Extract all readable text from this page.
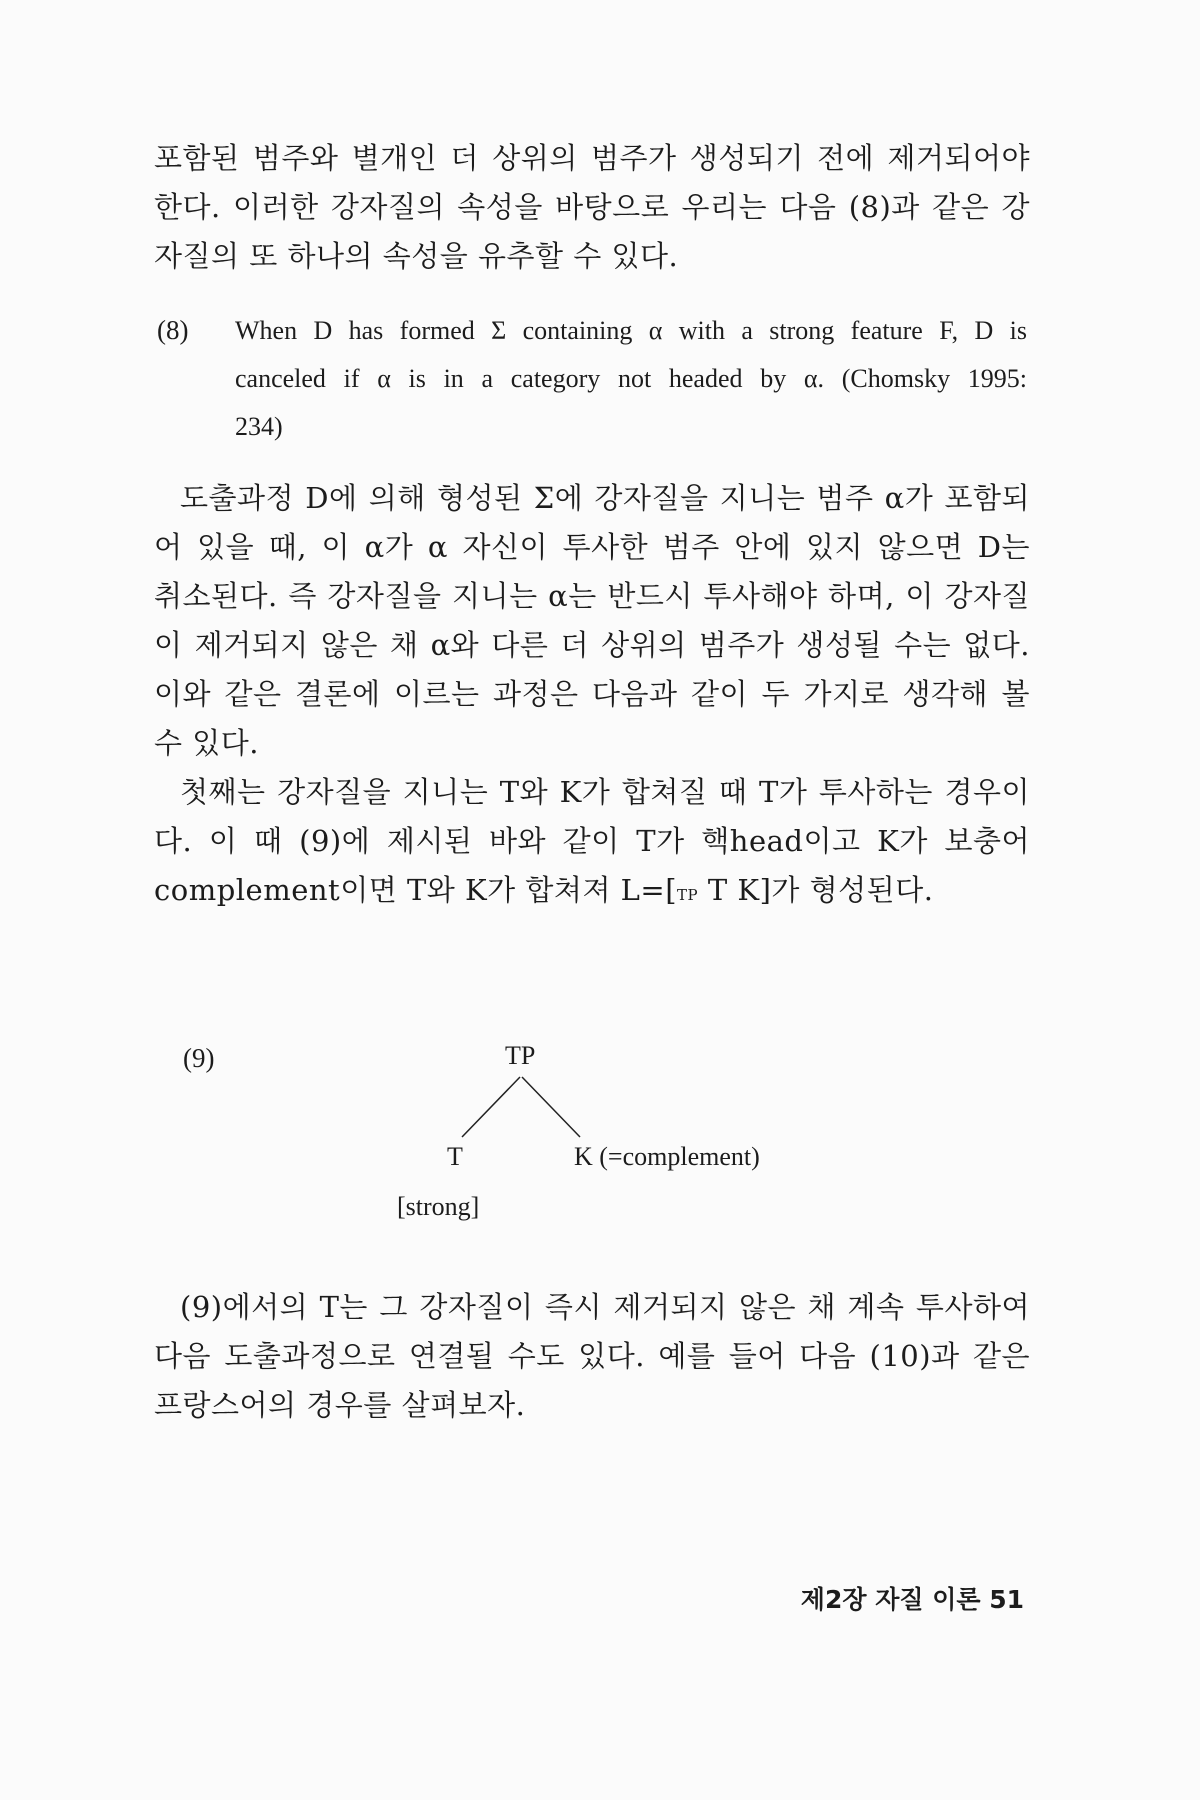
포함된 범주와 별개인 더 상위의 범주가 생성되기 전에 제거되어야
한다. 이러한 강자질의 속성을 바탕으로 우리는 다음 (8)과 같은 강
자질의 또 하나의 속성을 유추할 수 있다.
(8) When D has formed Σ containing α with a strong feature F, D is
canceled if α is in a category not headed by α. (Chomsky 1995:
234)
도출과정 D에 의해 형성된 Σ에 강자질을 지니는 범주 α가 포함되
어 있을 때, 이 α가 α 자신이 투사한 범주 안에 있지 않으면 D는
취소된다. 즉 강자질을 지니는 α는 반드시 투사해야 하며, 이 강자질
이 제거되지 않은 채 α와 다른 더 상위의 범주가 생성될 수는 없다.
이와 같은 결론에 이르는 과정은 다음과 같이 두 가지로 생각해 볼
수 있다.
첫째는 강자질을 지니는 T와 K가 합쳐질 때 T가 투사하는 경우이
다. 이 때 (9)에 제시된 바와 같이 T가 핵head이고 K가 보충어
complement이면 T와 K가 합쳐져 L=[TP T K]가 형성된다.
(9)	TP
T	K (=complement)
[strong]
(9)에서의 T는 그 강자질이 즉시 제거되지 않은 채 계속 투사하여
다음 도출과정으로 연결될 수도 있다. 예를 들어 다음 (10)과 같은
프랑스어의 경우를 살펴보자.
제2장 자질 이론 51
